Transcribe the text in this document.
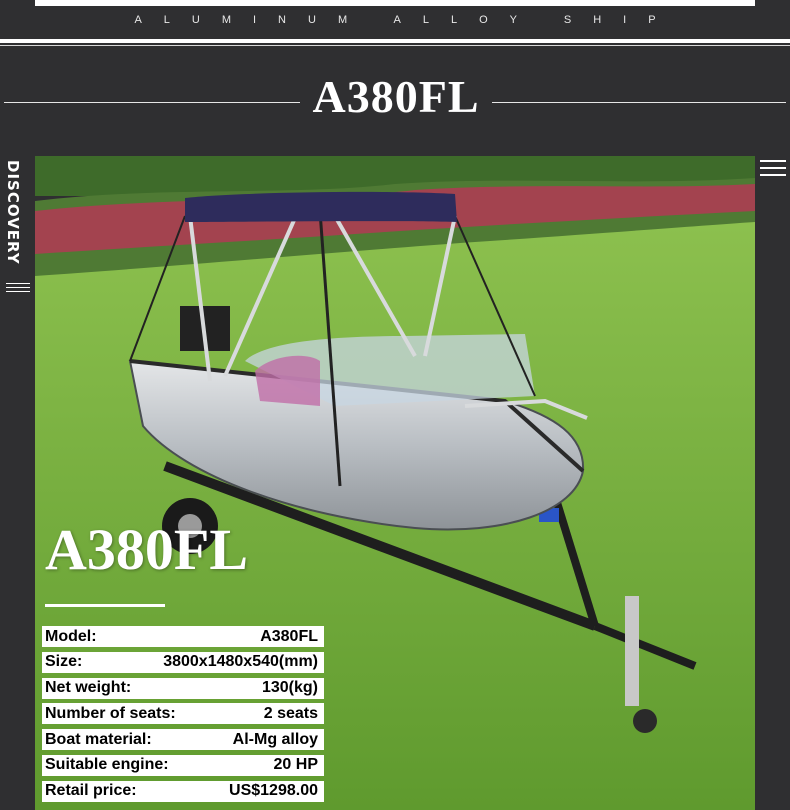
ALUMINUM ALLOY SHIP
A380FL
DISCOVERY
A380FL
Model:	A380FL
Size:	3800x1480x540(mm)
Net weight:	130(kg)
Number of seats:	2 seats
Boat material:	Al-Mg alloy
Suitable engine:	20 HP
Retail price:	US$1298.00
